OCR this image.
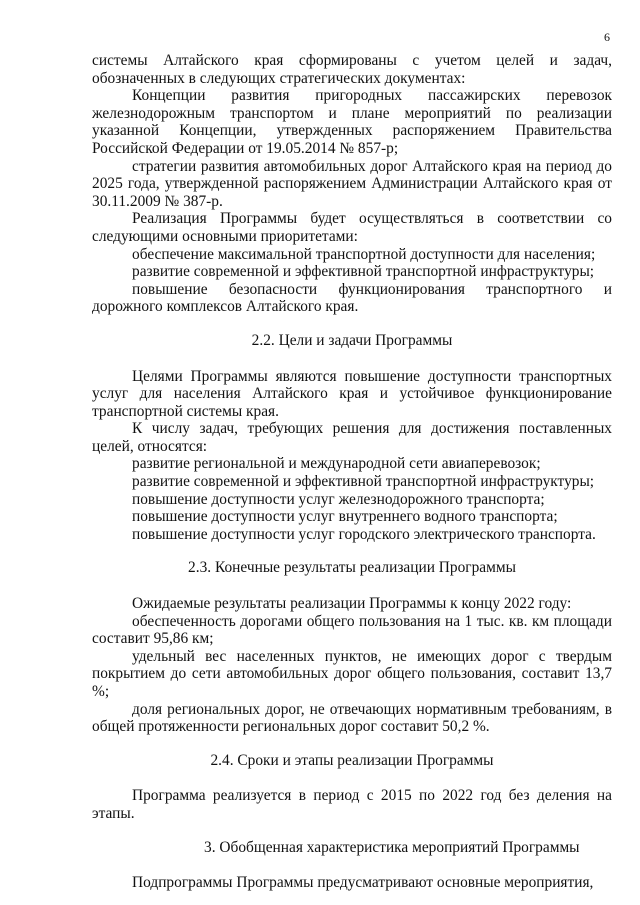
6

системы Алтайского края сформированы с учетом целей и задач, обозначенных в следующих стратегических документах:

Концепции развития пригородных пассажирских перевозок железнодорожным транспортом и плане мероприятий по реализации указанной Концепции, утвержденных распоряжением Правительства Российской Федерации от 19.05.2014 № 857-р;

стратегии развития автомобильных дорог Алтайского края на период до 2025 года, утвержденной распоряжением Администрации Алтайского края от 30.11.2009 № 387-р.

Реализация Программы будет осуществляться в соответствии со следующими основными приоритетами:

обеспечение максимальной транспортной доступности для населения;

развитие современной и эффективной транспортной инфраструктуры;

повышение безопасности функционирования транспортного и дорожного комплексов Алтайского края.

2.2. Цели и задачи Программы

Целями Программы являются повышение доступности транспортных услуг для населения Алтайского края и устойчивое функционирование транспортной системы края.

К числу задач, требующих решения для достижения поставленных целей, относятся:

развитие региональной и международной сети авиаперевозок;

развитие современной и эффективной транспортной инфраструктуры;

повышение доступности услуг железнодорожного транспорта;

повышение доступности услуг внутреннего водного транспорта;

повышение доступности услуг городского электрического транспорта.

2.3. Конечные результаты реализации Программы

Ожидаемые результаты реализации Программы к концу 2022 году:

обеспеченность дорогами общего пользования на 1 тыс. кв. км площади составит 95,86 км;

удельный вес населенных пунктов, не имеющих дорог с твердым покрытием до сети автомобильных дорог общего пользования, составит 13,7 %;

доля региональных дорог, не отвечающих нормативным требованиям, в общей протяженности региональных дорог составит 50,2 %.

2.4. Сроки и этапы реализации Программы

Программа реализуется в период с 2015 по 2022 год без деления на этапы.

3. Обобщенная характеристика мероприятий Программы

Подпрограммы Программы предусматривают основные мероприятия,
